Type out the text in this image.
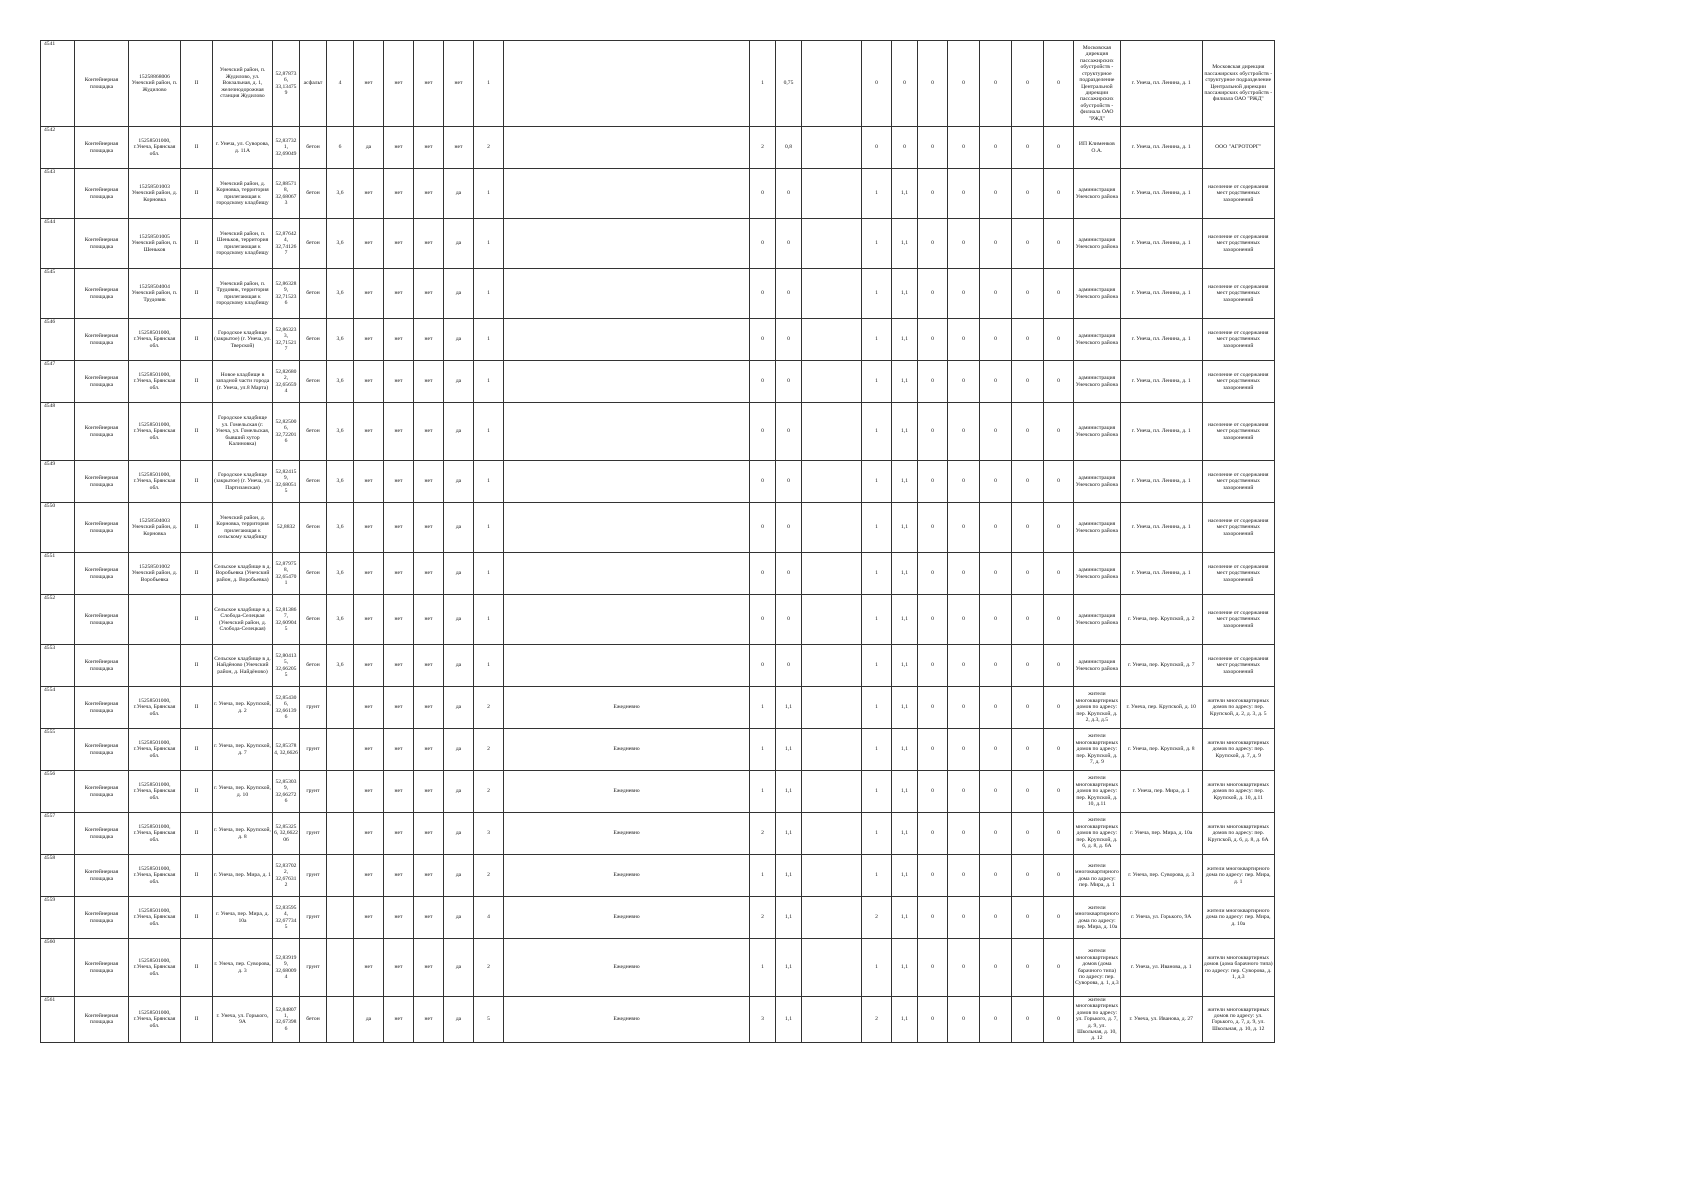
4541	Контейнерная площадка	15258868006 Унечский район, п. Жудилово	II	Унечский район, п. Жудилово, ул. Вокзальная, д. 1, железнодорожная станция Жудилово	52,87873 6, 33,13475 9	асфальт	4	нет	нет	нет	нет	1		1	0,75		0	0	0	0	0	0	0	Московская дирекция пассажирских обустройств - структурное подразделение Центральной дирекции пассажирских обустройств - филиала ОАО "РЖД"	г. Унеча, пл. Ленина, д. 1	Московская дирекция пассажирских обустройств - структурное подразделение Центральной дирекции пассажирских обустройств - филиала ОАО "РЖД"
4542	Контейнерная площадка	15258501000, г.Унеча, Брянская обл.	II	г. Унеча, ул. Суворова, д. 11А	52,83732 1, 32,69049	бетон	6	да	нет	нет	нет	2		2	0,8		0	0	0	0	0	0	0	ИП Клименков О.А.	г. Унеча, пл. Ленина, д. 1	ООО "АГРОТОРГ"
4543	Контейнерная площадка	15258501003 Унечский район, д. Корновка	II	Унечский район, д. Корновка, территория прилегающая к городскому кладбищу	52,88571 8, 32,68067 3	бетон	3,6	нет	нет	нет	да	1		0	0		1	1,1	0	0	0	0	0	администрация Унечского района	г. Унеча, пл. Ленина, д. 1	население от содержания мест родственных захоронений
4544	Контейнерная площадка	15258501005 Унечский район, п. Шеньков	II	Унечский район, п. Шеньков, территория прилегающая к городскому кладбищу	52,87642 4, 32,74126 7	бетон	3,6	нет	нет	нет	да	1		0	0		1	1,1	0	0	0	0	0	администрация Унечского района	г. Унеча, пл. Ленина, д. 1	население от содержания мест родственных захоронений
4545	Контейнерная площадка	15258504004 Унечский район, п. Трудовик	II	Унечский район, п. Трудовик, территория прилегающая к городскому кладбищу	52,86328 9, 32,71523 6	бетон	3,6	нет	нет	нет	да	1		0	0		1	1,1	0	0	0	0	0	администрация Унечского района	г. Унеча, пл. Ленина, д. 1	население от содержания мест родственных захоронений
4546	Контейнерная площадка	15258501000, г.Унеча, Брянская обл.	II	Городское кладбище (закрытое) (г. Унеча, ул. Тверской)	52,86323 3, 32,71521 7	бетон	3,6	нет	нет	нет	да	1		0	0		1	1,1	0	0	0	0	0	администрация Унечского района	г. Унеча, пл. Ленина, д. 1	население от содержания мест родственных захоронений
4547	Контейнерная площадка	15258501000, г.Унеча, Брянская обл.	II	Новое кладбище в западной части города (г. Унеча, ул.8 Марта)	52,82680 2, 32,65659 4	бетон	3,6	нет	нет	нет	да	1		0	0		1	1,1	0	0	0	0	0	администрация Унечского района	г. Унеча, пл. Ленина, д. 1	население от содержания мест родственных захоронений
4548	Контейнерная площадка	15258501000, г.Унеча, Брянская обл.	II	Городское кладбище ул. Гомельская (г. Унеча, ул. Гомельская, бывший хутор Калиновка)	52,82500 6, 32,72201 6	бетон	3,6	нет	нет	нет	да	1		0	0		1	1,1	0	0	0	0	0	администрация Унечского района	г. Унеча, пл. Ленина, д. 1	население от содержания мест родственных захоронений
4549	Контейнерная площадка	15258501000, г.Унеча, Брянская обл.	II	Городское кладбище (закрытое) (г. Унеча, ул. Партизанская)	52,82415 9, 32,68051 5	бетон	3,6	нет	нет	нет	да	1		0	0		1	1,1	0	0	0	0	0	администрация Унечского района	г. Унеча, пл. Ленина, д. 1	население от содержания мест родственных захоронений
4550	Контейнерная площадка	15258504003 Унечский район, д. Корновка	II	Унечский район, д. Корновка, территория прилегающая к сельскому кладбищу	52,8832	бетон	3,6	нет	нет	нет	да	1		0	0		1	1,1	0	0	0	0	0	администрация Унечского района	г. Унеча, пл. Ленина, д. 1	население от содержания мест родственных захоронений
4551	Контейнерная площадка	15258501002 Унечский район, д. Воробьевка	II	Сельское кладбище в д. Воробьевка (Унечский район, д. Воробьевка)	52,87975 8, 32,65470 1	бетон	3,6	нет	нет	нет	да	1		0	0		1	1,1	0	0	0	0	0	администрация Унечского района	г. Унеча, пл. Ленина, д. 1	население от содержания мест родственных захоронений
4552	Контейнерная площадка		II	Сельское кладбище в д. Слобода-Селецкая (Унечский район, д. Слобода-Селецкая)	52,81386 7, 32,60904 5	бетон	3,6	нет	нет	нет	да	1		0	0		1	1,1	0	0	0	0	0	администрация Унечского района	г. Унеча, пер. Крупской, д. 2	население от содержания мест родственных захоронений
4553	Контейнерная площадка		II	Сельское кладбище в д. Найдёново (Унечский район, д. Найдёново)	52,80413 5, 32,66205 5	бетон	3,6	нет	нет	нет	да	1		0	0		1	1,1	0	0	0	0	0	администрация Унечского района	г. Унеча, пер. Крупской, д. 7	население от содержания мест родственных захоронений
4554	Контейнерная площадка	15258501000, г.Унеча, Брянская обл.	II	г. Унеча, пер. Крупской, д. 2	52,85430 6, 32,66139 6	грунт		нет	нет	нет	да	2	Ежедневно	1	1,1		1	1,1	0	0	0	0	0	жители многоквартирных домов по адресу: пер. Крупской, д. 2, д.3, д.5	г. Унеча, пер. Крупской, д. 10	жители многоквартирных домов по адресу: пер. Крупской, д. 2, д. 3, д. 5
4555	Контейнерная площадка	15258501000, г.Унеча, Брянская обл.	II	г. Унеча, пер. Крупской, д. 7	52,85378 4, 32,6626	грунт		нет	нет	нет	да	2	Ежедневно	1	1,1		1	1,1	0	0	0	0	0	жители многоквартирных домов по адресу: пер. Крупской, д. 7, д. 9	г. Унеча, пер. Крупской, д. 8	жители многоквартирных домов по адресу: пер. Крупской, д. 7, д. 9
4556	Контейнерная площадка	15258501000, г.Унеча, Брянская обл.	II	г. Унеча, пер. Крупской, д. 10	52,85303 9, 32,66272 6	грунт		нет	нет	нет	да	2	Ежедневно	1	1,1		1	1,1	0	0	0	0	0	жители многоквартирных домов по адресу: пер. Крупской, д. 10, д.11	г. Унеча, пер. Мира, д. 1	жители многоквартирных домов по адресу: пер. Крупской, д. 10, д.11
4557	Контейнерная площадка	15258501000, г.Унеча, Брянская обл.	II	г. Унеча, пер. Крупской, д. 8	52,85325 6, 32,6622 06	грунт		нет	нет	нет	да	3	Ежедневно	2	1,1		1	1,1	0	0	0	0	0	жители многоквартирных домов по адресу: пер. Крупской, д. 6, д. 8, д. 6А	г. Унеча, пер. Мира, д. 10а	жители многоквартирных домов по адресу: пер. Крупской, д. 6, д. 8, д. 6А
4558	Контейнерная площадка	15258501000, г.Унеча, Брянская обл.	II	г. Унеча, пер. Мира, д. 1	52,83702 2, 32,67631 2	грунт		нет	нет	нет	да	2	Ежедневно	1	1,1		1	1,1	0	0	0	0	0	жители многоквартирного дома по адресу: пер. Мира, д. 1	г. Унеча, пер. Суворова, д. 3	жители многоквартирного дома по адресу: пер. Мира, д. 1
4559	Контейнерная площадка	15258501000, г.Унеча, Брянская обл.	II	г. Унеча, пер. Мира, д. 10а	52,83595 4, 32,67734 5	грунт		нет	нет	нет	да	4	Ежедневно	2	1,1		2	1,1	0	0	0	0	0	жители многоквартирного дома по адресу: пер. Мира, д. 10а	г. Унеча, ул. Горького, 9А	жители многоквартирного дома по адресу: пер. Мира, д. 10а
4560	Контейнерная площадка	15258501000, г.Унеча, Брянская обл.	II	г. Унеча, пер. Суворова, д. 3	52,83919 9, 32,68009 4	грунт		нет	нет	нет	да	2	Ежедневно	1	1,1		1	1,1	0	0	0	0	0	жители многоквартирных домов (дома барачного типа) по адресу: пер. Суворова, д. 1, д.3	г. Унеча, ул. Иванова, д. 1	жители многоквартирных домов (дома барачного типа) по адресу: пер. Суворова, д. 1, д.3
4561	Контейнерная площадка	15258501000, г.Унеча, Брянская обл.	II	г. Унеча, ул. Горького, 9А	52,84807 1, 32,67398 6	бетон		да	нет	нет	да	5	Ежедневно	3	1,1		2	1,1	0	0	0	0	0	жители многоквартирных домов по адресу: ул. Горького, д. 7, д. 9, ул. Школьная, д. 10, д. 12	г. Унеча, ул. Иванова, д. 27	жители многоквартирных домов по адресу: ул. Горького, д. 7, д. 9, ул. Школьная, д. 10, д. 12
